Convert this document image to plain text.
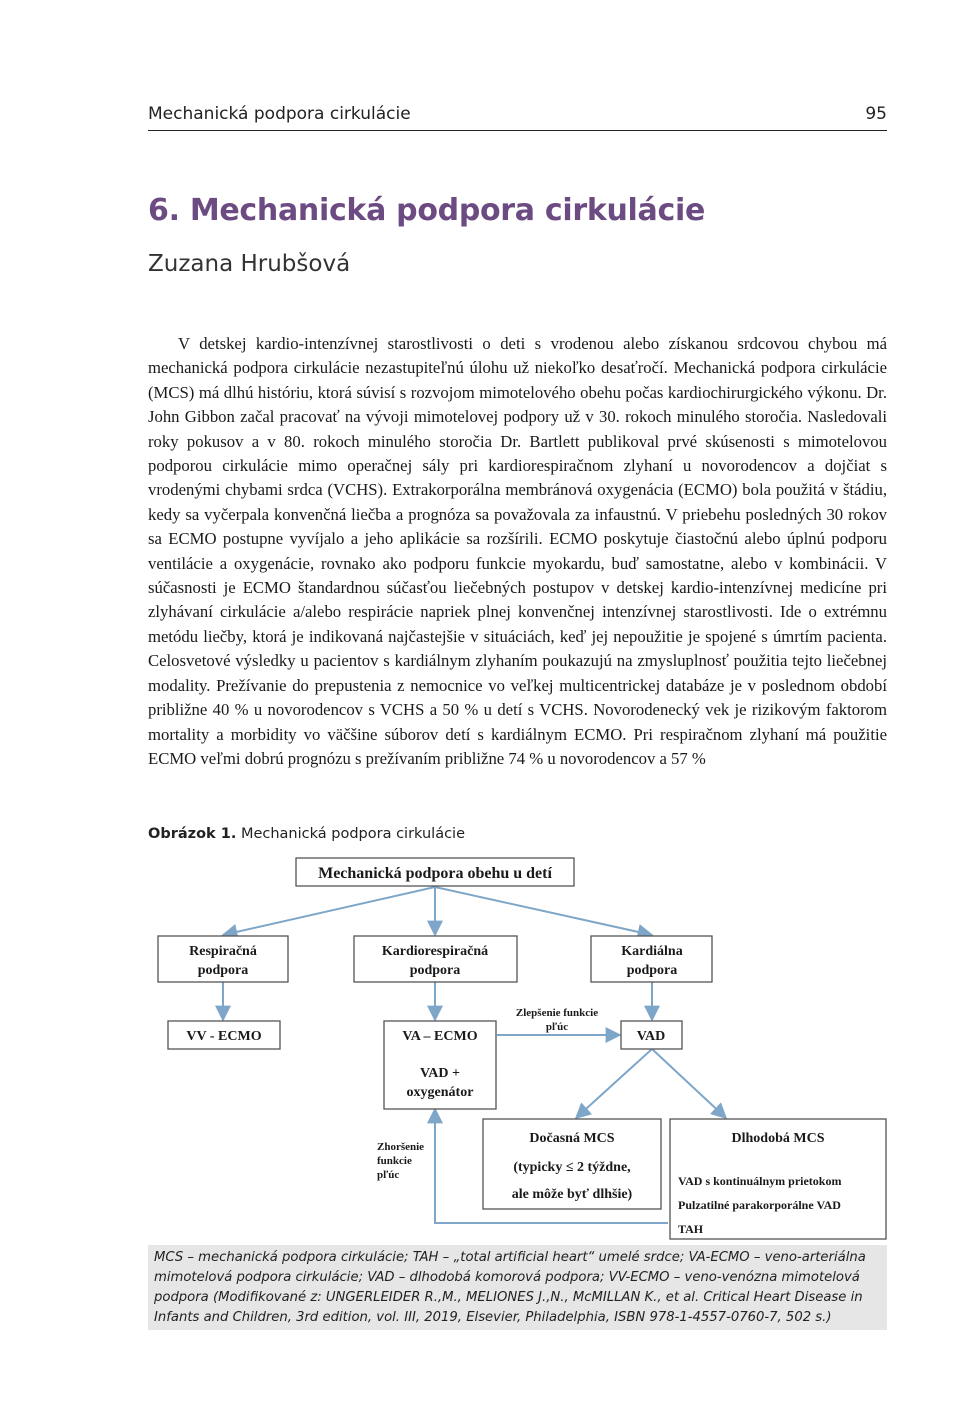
Mechanická podpora cirkulácie	95
6. Mechanická podpora cirkulácie
Zuzana Hrubšová

V detskej kardio-intenzívnej starostlivosti o deti s vrodenou alebo získanou srdcovou chybou má mechanická podpora cirkulácie nezastupiteľnú úlohu už niekoľko desaťročí. Mechanická podpora cirkulácie (MCS) má dlhú históriu, ktorá súvisí s rozvojom mimotelového obehu počas kardiochirurgického výkonu. Dr. John Gibbon začal pracovať na vývoji mimotelovej podpory už v 30. rokoch minulého storočia. Nasledovali roky pokusov a v 80. rokoch minulého storočia Dr. Bartlett publikoval prvé skúsenosti s mimotelovou podporou cirkulácie mimo operačnej sály pri kardiorespiračnom zlyhaní u novorodencov a dojčiat s vrodenými chybami srdca (VCHS). Extrakorporálna membránová oxygenácia (ECMO) bola použitá v štádiu, kedy sa vyčerpala konvenčná liečba a prognóza sa považovala za infaustnú. V priebehu posledných 30 rokov sa ECMO postupne vyvíjalo a jeho aplikácie sa rozšírili. ECMO poskytuje čiastočnú alebo úplnú podporu ventilácie a oxygenácie, rovnako ako podporu funkcie myokardu, buď samostatne, alebo v kombinácii. V súčasnosti je ECMO štandardnou súčasťou liečebných postupov v detskej kardio-intenzívnej medicíne pri zlyhávaní cirkulácie a/alebo respirácie napriek plnej konvenčnej intenzívnej starostlivosti. Ide o extrémnu metódu liečby, ktorá je indikovaná najčastejšie v situáciách, keď jej nepoužitie je spojené s úmrtím pacienta. Celosvetové výsledky u pacientov s kardiálnym zlyhaním poukazujú na zmysluplnosť použitia tejto liečebnej modality. Prežívanie do prepustenia z nemocnice vo veľkej multicentrickej databáze je v poslednom období približne 40 % u novorodencov s VCHS a 50 % u detí s VCHS. Novorodenecký vek je rizikovým faktorom mortality a morbidity vo väčšine súborov detí s kardiálnym ECMO. Pri respiračnom zlyhaní má použitie ECMO veľmi dobrú prognózu s prežívaním približne 74 % u novorodencov a 57 %

Obrázok 1. Mechanická podpora cirkulácie
Mechanická podpora obehu u detí
Respiračná
podpora
Kardiorespiračná
podpora
Kardiálna
podpora
VV - ECMO	VA – ECMO
VAD +
oxygenátor
VAD
Zlepšenie funkcie
pľúc
Zhoršenie
funkcie
pľúc
Dočasná MCS
(typicky ≤ 2 týždne,
ale môže byť dlhšie)
Dlhodobá MCS
VAD s kontinuálnym prietokom
Pulzatilné parakorporálne VAD
TAH
MCS – mechanická podpora cirkulácie; TAH – „total artificial heart“ umelé srdce; VA-ECMO – veno-arteriálna mimotelová podpora cirkulácie; VAD – dlhodobá komorová podpora; VV-ECMO – veno-venózna mimotelová podpora (Modifikované z: UNGERLEIDER R.,M., MELIONES J.,N., McMILLAN K., et al. Critical Heart Disease in Infants and Children, 3rd edition, vol. III, 2019, Elsevier, Philadelphia, ISBN 978-1-4557-0760-7, 502 s.)
